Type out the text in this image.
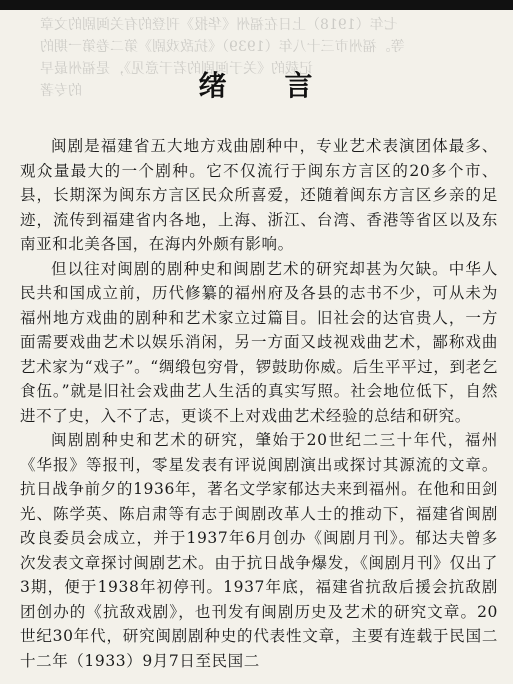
七年（1918）上日在福州《华报》刊登的有关闽剧的文章

等。福州市三十八年（1939）《抗敌戏剧》第二卷第一期的

记载的《关于闽剧的若干意见》，是福州最早

的专著	绪 言

闽剧是福建省五大地方戏曲剧种中，专业艺术表演团体最多、观众量最大的一个剧种。它不仅流行于闽东方言区的20多个市、县，长期深为闽东方言区民众所喜爱，还随着闽东方言区乡亲的足迹，流传到福建省内各地，上海、浙江、台湾、香港等省区以及东南亚和北美各国，在海内外颇有影响。

但以往对闽剧的剧种史和闽剧艺术的研究却甚为欠缺。中华人民共和国成立前，历代修纂的福州府及各县的志书不少，可从未为福州地方戏曲的剧种和艺术家立过篇目。旧社会的达官贵人，一方面需要戏曲艺术以娱乐消闲，另一方面又歧视戏曲艺术，鄙称戏曲艺术家为“戏子”。“绸缎包穷骨，锣鼓助你威。后生平平过，到老乞食伍。”就是旧社会戏曲艺人生活的真实写照。社会地位低下，自然进不了史，入不了志，更谈不上对戏曲艺术经验的总结和研究。

闽剧剧种史和艺术的研究，肇始于20世纪二三十年代，福州《华报》等报刊，零星发表有评说闽剧演出或探讨其源流的文章。抗日战争前夕的1936年，著名文学家郁达夫来到福州。在他和田剑光、陈学英、陈启肃等有志于闽剧改革人士的推动下，福建省闽剧改良委员会成立，并于1937年6月创办《闽剧月刊》。郁达夫曾多次发表文章探讨闽剧艺术。由于抗日战争爆发，《闽剧月刊》仅出了3期，便于1938年初停刊。1937年底，福建省抗敌后援会抗敌剧团创办的《抗敌戏剧》，也刊发有闽剧历史及艺术的研究文章。20世纪30年代，研究闽剧剧种史的代表性文章，主要有连载于民国二十二年（1933）9月7日至民国二
